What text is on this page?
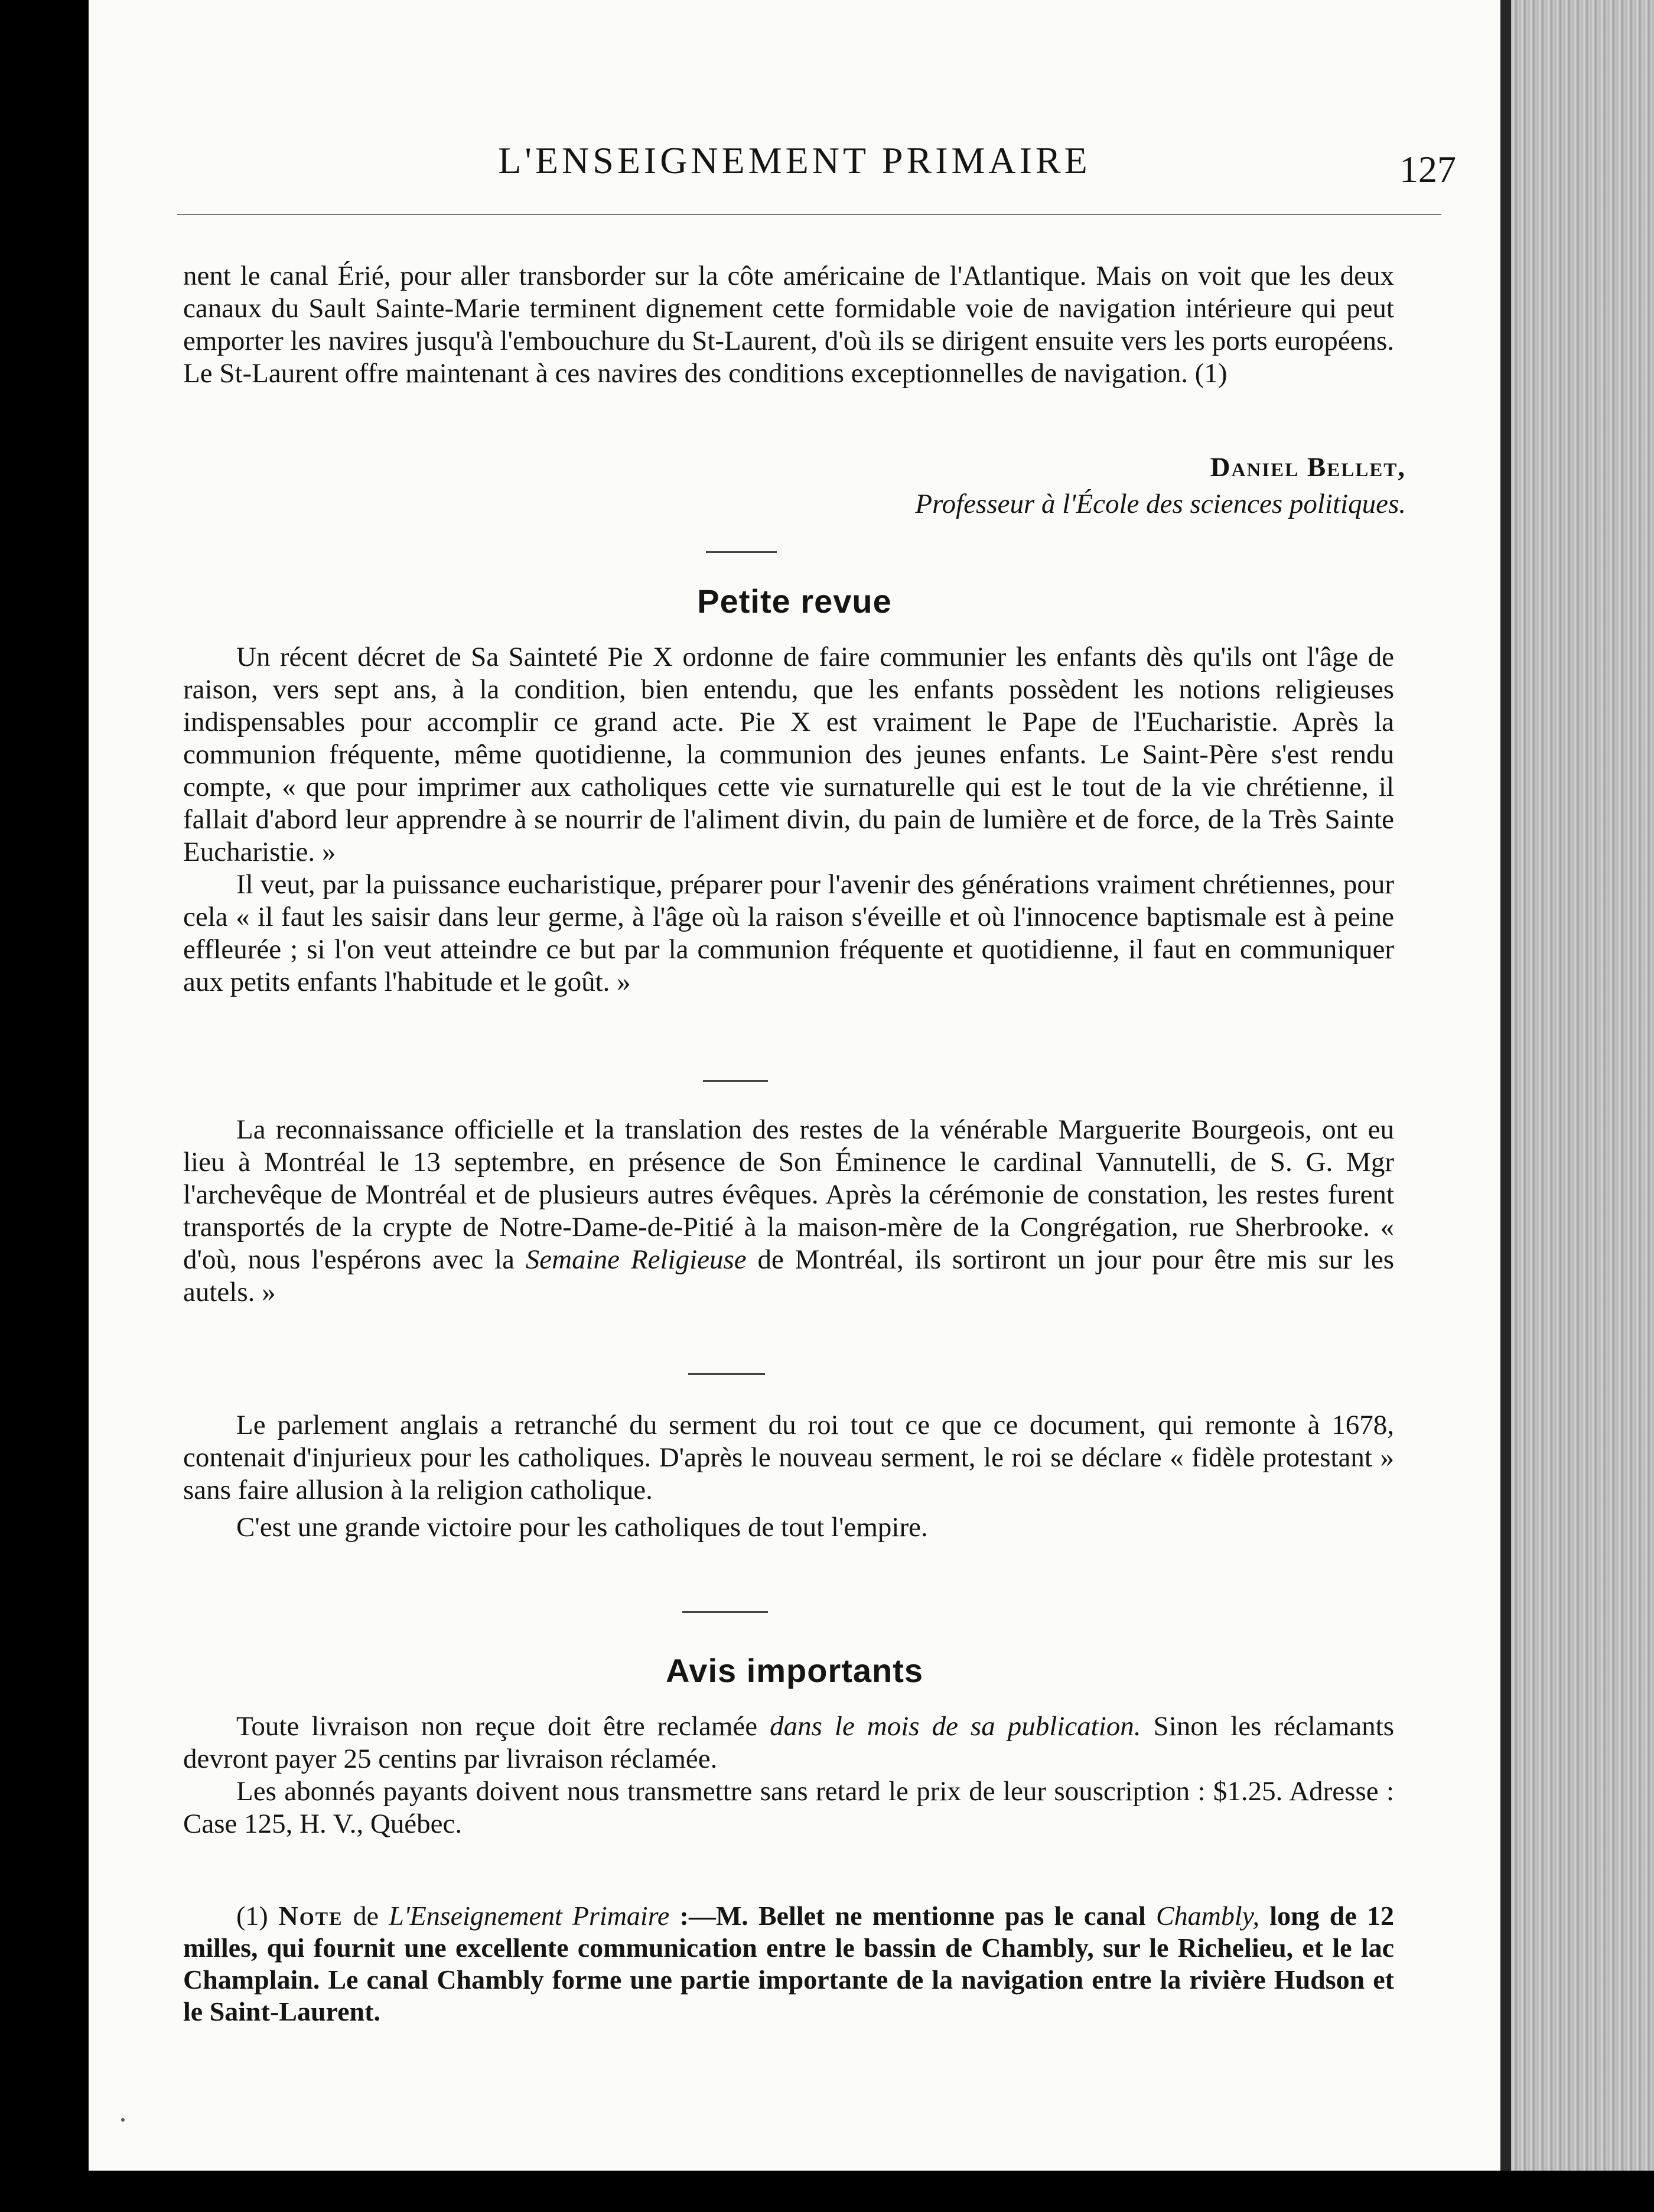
L'ENSEIGNEMENT PRIMAIRE	127

nent le canal Érié, pour aller transborder sur la côte américaine de l'Atlantique. Mais on voit que les deux canaux du Sault Sainte-Marie terminent dignement cette formidable voie de navigation intérieure qui peut emporter les navires jusqu'à l'embouchure du St-Laurent, d'où ils se dirigent ensuite vers les ports européens. Le St-Laurent offre maintenant à ces navires des conditions exceptionnelles de navigation. (1)

Daniel Bellet,
Professeur à l'École des sciences politiques.
Petite revue

Un récent décret de Sa Sainteté Pie X ordonne de faire communier les enfants dès qu'ils ont l'âge de raison, vers sept ans, à la condition, bien entendu, que les enfants possèdent les notions religieuses indispensables pour accomplir ce grand acte. Pie X est vraiment le Pape de l'Eucharistie. Après la communion fréquente, même quotidienne, la communion des jeunes enfants. Le Saint-Père s'est rendu compte, « que pour imprimer aux catholiques cette vie surnaturelle qui est le tout de la vie chrétienne, il fallait d'abord leur apprendre à se nourrir de l'aliment divin, du pain de lumière et de force, de la Très Sainte Eucharistie. »

Il veut, par la puissance eucharistique, préparer pour l'avenir des générations vraiment chrétiennes, pour cela « il faut les saisir dans leur germe, à l'âge où la raison s'éveille et où l'innocence baptismale est à peine effleurée ; si l'on veut atteindre ce but par la communion fréquente et quotidienne, il faut en communiquer aux petits enfants l'habitude et le goût. »

La reconnaissance officielle et la translation des restes de la vénérable Marguerite Bourgeois, ont eu lieu à Montréal le 13 septembre, en présence de Son Éminence le cardinal Vannutelli, de S. G. Mgr l'archevêque de Montréal et de plusieurs autres évêques. Après la cérémonie de constation, les restes furent transportés de la crypte de Notre-Dame-de-Pitié à la maison-mère de la Congrégation, rue Sherbrooke. « d'où, nous l'espérons avec la Semaine Religieuse de Montréal, ils sortiront un jour pour être mis sur les autels. »

Le parlement anglais a retranché du serment du roi tout ce que ce document, qui remonte à 1678, contenait d'injurieux pour les catholiques. D'après le nouveau serment, le roi se déclare « fidèle protestant » sans faire allusion à la religion catholique.

C'est une grande victoire pour les catholiques de tout l'empire.

Avis importants

Toute livraison non reçue doit être reclamée dans le mois de sa publication. Sinon les réclamants devront payer 25 centins par livraison réclamée.

Les abonnés payants doivent nous transmettre sans retard le prix de leur souscription : $1.25. Adresse : Case 125, H. V., Québec.

(1) Note de L'Enseignement Primaire :—M. Bellet ne mentionne pas le canal Chambly, long de 12 milles, qui fournit une excellente communication entre le bassin de Chambly, sur le Richelieu, et le lac Champlain. Le canal Chambly forme une partie importante de la navigation entre la rivière Hudson et le Saint-Laurent.
